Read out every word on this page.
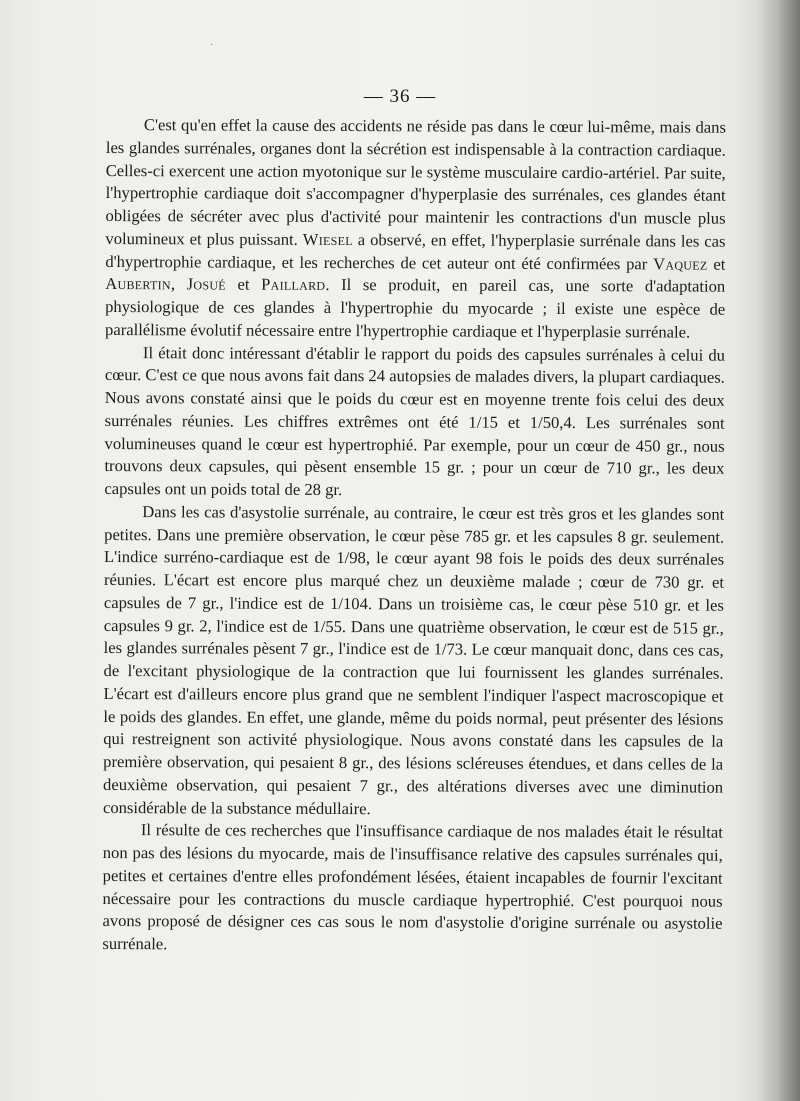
·
— 36 —

C'est qu'en effet la cause des accidents ne réside pas dans le cœur lui-même, mais dans les glandes surrénales, organes dont la sécrétion est indispensable à la contraction cardiaque. Celles-ci exercent une action myotonique sur le système musculaire cardio-artériel. Par suite, l'hypertrophie cardiaque doit s'accompagner d'hyperplasie des surrénales, ces glandes étant obligées de sécréter avec plus d'activité pour maintenir les contractions d'un muscle plus volumineux et plus puissant. Wiesel a observé, en effet, l'hyperplasie surrénale dans les cas d'hypertrophie cardiaque, et les recherches de cet auteur ont été confirmées par Vaquez et Aubertin, Josué et Paillard. Il se produit, en pareil cas, une sorte d'adaptation physiologique de ces glandes à l'hypertrophie du myocarde ; il existe une espèce de parallélisme évolutif nécessaire entre l'hypertrophie cardiaque et l'hyperplasie surrénale.

Il était donc intéressant d'établir le rapport du poids des capsules surrénales à celui du cœur. C'est ce que nous avons fait dans 24 autopsies de malades divers, la plupart cardiaques. Nous avons constaté ainsi que le poids du cœur est en moyenne trente fois celui des deux surrénales réunies. Les chiffres extrêmes ont été 1/15 et 1/50,4. Les surrénales sont volumineuses quand le cœur est hypertrophié. Par exemple, pour un cœur de 450 gr., nous trouvons deux capsules, qui pèsent ensemble 15 gr. ; pour un cœur de 710 gr., les deux capsules ont un poids total de 28 gr.

Dans les cas d'asystolie surrénale, au contraire, le cœur est très gros et les glandes sont petites. Dans une première observation, le cœur pèse 785 gr. et les capsules 8 gr. seulement. L'indice surréno-cardiaque est de 1/98, le cœur ayant 98 fois le poids des deux surrénales réunies. L'écart est encore plus marqué chez un deuxième malade ; cœur de 730 gr. et capsules de 7 gr., l'indice est de 1/104. Dans un troisième cas, le cœur pèse 510 gr. et les capsules 9 gr. 2, l'indice est de 1/55. Dans une quatrième observation, le cœur est de 515 gr., les glandes surrénales pèsent 7 gr., l'indice est de 1/73. Le cœur manquait donc, dans ces cas, de l'excitant physiologique de la contraction que lui fournissent les glandes surrénales. L'écart est d'ailleurs encore plus grand que ne semblent l'indiquer l'aspect macroscopique et le poids des glandes. En effet, une glande, même du poids normal, peut présenter des lésions qui restreignent son activité physiologique. Nous avons constaté dans les capsules de la première observation, qui pesaient 8 gr., des lésions scléreuses étendues, et dans celles de la deuxième observation, qui pesaient 7 gr., des altérations diverses avec une diminution considérable de la substance médullaire.

Il résulte de ces recherches que l'insuffisance cardiaque de nos malades était le résultat non pas des lésions du myocarde, mais de l'insuffisance relative des capsules surrénales qui, petites et certaines d'entre elles profondément lésées, étaient incapables de fournir l'excitant nécessaire pour les contractions du muscle cardiaque hypertrophié. C'est pourquoi nous avons proposé de désigner ces cas sous le nom d'asystolie d'origine surrénale ou asystolie surrénale.
